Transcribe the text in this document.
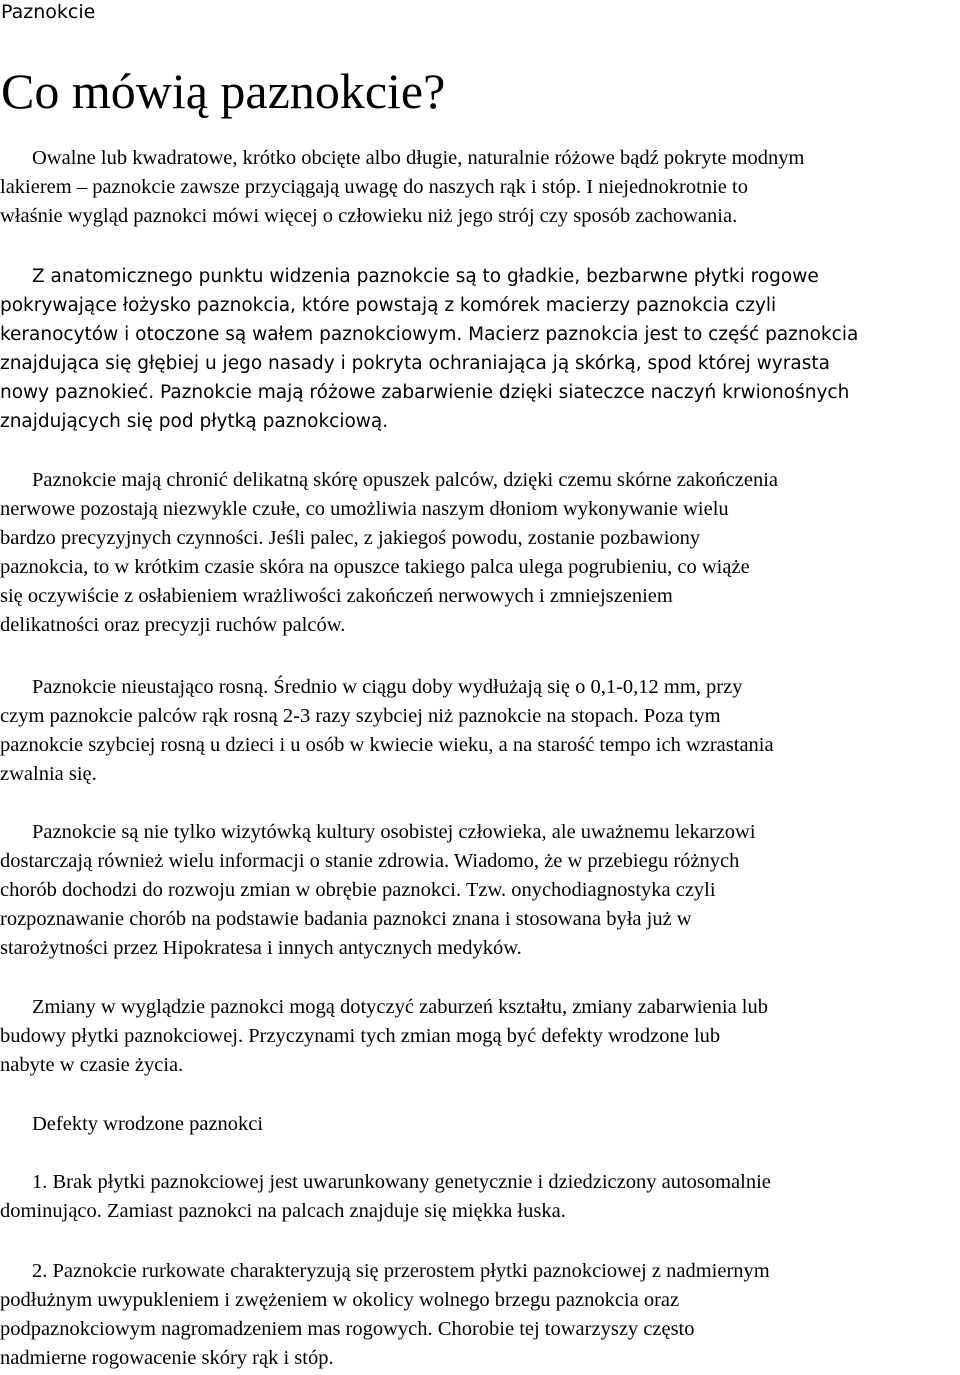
Paznokcie
Co mówią paznokcie?
Owalne lub kwadratowe, krótko obcięte albo długie, naturalnie różowe bądź pokryte modnym
lakierem – paznokcie zawsze przyciągają uwagę do naszych rąk i stóp. I niejednokrotnie to
właśnie wygląd paznokci mówi więcej o człowieku niż jego strój czy sposób zachowania.
Z anatomicznego punktu widzenia paznokcie są to gładkie, bezbarwne płytki rogowe
pokrywające łożysko paznokcia, które powstają z komórek macierzy paznokcia czyli
keranocytów i otoczone są wałem paznokciowym. Macierz paznokcia jest to część paznokcia
znajdująca się głębiej u jego nasady i pokryta ochraniająca ją skórką, spod której wyrasta
nowy paznokieć. Paznokcie mają różowe zabarwienie dzięki siateczce naczyń krwionośnych
znajdujących się pod płytką paznokciową.
Paznokcie mają chronić delikatną skórę opuszek palców, dzięki czemu skórne zakończenia
nerwowe pozostają niezwykle czułe, co umożliwia naszym dłoniom wykonywanie wielu
bardzo precyzyjnych czynności. Jeśli palec, z jakiegoś powodu, zostanie pozbawiony
paznokcia, to w krótkim czasie skóra na opuszce takiego palca ulega pogrubieniu, co wiąże
się oczywiście z osłabieniem wrażliwości zakończeń nerwowych i zmniejszeniem
delikatności oraz precyzji ruchów palców.
Paznokcie nieustająco rosną. Średnio w ciągu doby wydłużają się o 0,1-0,12 mm, przy
czym paznokcie palców rąk rosną 2-3 razy szybciej niż paznokcie na stopach. Poza tym
paznokcie szybciej rosną u dzieci i u osób w kwiecie wieku, a na starość tempo ich wzrastania
zwalnia się.
Paznokcie są nie tylko wizytówką kultury osobistej człowieka, ale uważnemu lekarzowi
dostarczają również wielu informacji o stanie zdrowia. Wiadomo, że w przebiegu różnych
chorób dochodzi do rozwoju zmian w obrębie paznokci. Tzw. onychodiagnostyka czyli
rozpoznawanie chorób na podstawie badania paznokci znana i stosowana była już w
starożytności przez Hipokratesa i innych antycznych medyków.
Zmiany w wyglądzie paznokci mogą dotyczyć zaburzeń kształtu, zmiany zabarwienia lub
budowy płytki paznokciowej. Przyczynami tych zmian mogą być defekty wrodzone lub
nabyte w czasie życia.
Defekty wrodzone paznokci
1. Brak płytki paznokciowej jest uwarunkowany genetycznie i dziedziczony autosomalnie
dominująco. Zamiast paznokci na palcach znajduje się miękka łuska.
2. Paznokcie rurkowate charakteryzują się przerostem płytki paznokciowej z nadmiernym
podłużnym uwypukleniem i zwężeniem w okolicy wolnego brzegu paznokcia oraz
podpaznokciowym nagromadzeniem mas rogowych. Chorobie tej towarzyszy często
nadmierne rogowacenie skóry rąk i stóp.
